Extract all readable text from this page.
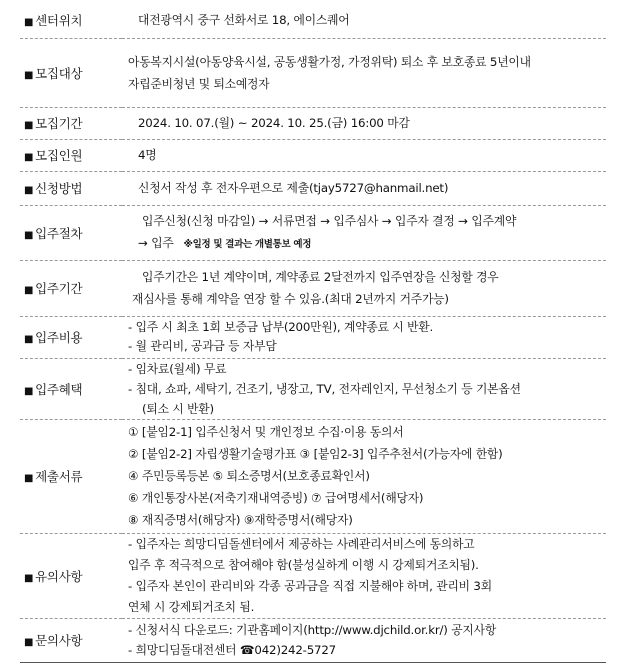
■ 센터위치	대전광역시 중구 선화서로 18, 에이스퀘어

■ 모집대상	아동복지시설(아동양육시설, 공동생활가정, 가정위탁) 퇴소 후 보호종료 5년이내
자립준비청년 및 퇴소예정자

■ 모집기간	2024. 10. 07.(월) ~ 2024. 10. 25.(금) 16:00 마감

■ 모집인원	4명

■ 신청방법	신청서 작성 후 전자우편으로 제출(tjay5727@hanmail.net)

■ 입주절차	입주신청(신청 마감일) → 서류면접 → 입주심사 → 입주자 결정 → 입주계약
→ 입주 ※일정 및 결과는 개별통보 예정

■ 입주기간	입주기간은 1년 계약이며, 계약종료 2달전까지 입주연장을 신청할 경우
재심사를 통해 계약을 연장 할 수 있음.(최대 2년까지 거주가능)

■ 입주비용	- 입주 시 최초 1회 보증금 납부(200만원), 계약종료 시 반환.
- 월 관리비, 공과금 등 자부담

■ 입주혜택	- 임차료(월세) 무료
- 침대, 쇼파, 세탁기, 건조기, 냉장고, TV, 전자레인지, 무선청소기 등 기본옵션
(퇴소 시 반환)

■ 제출서류	① [붙임2-1] 입주신청서 및 개인정보 수집·이용 동의서
② [붙임2-2] 자립생활기술평가표 ③ [붙임2-3] 입주추천서(가능자에 한함)
④ 주민등록등본 ⑤ 퇴소증명서(보호종료확인서)
⑥ 개인통장사본(저축기재내역증빙) ⑦ 급여명세서(해당자)
⑧ 재직증명서(해당자) ⑨재학증명서(해당자)

■ 유의사항	- 입주자는 희망디딤돌센터에서 제공하는 사례관리서비스에 동의하고
입주 후 적극적으로 참여해야 함(불성실하게 이행 시 강제퇴거조치됨).
- 입주자 본인이 관리비와 각종 공과금을 직접 지불해야 하며, 관리비 3회
연체 시 강제퇴거조치 됨.

■ 문의사항	- 신청서식 다운로드: 기관홈페이지(http://www.djchild.or.kr/) 공지사항
- 희망디딤돌대전센터 ☎042)242-5727
